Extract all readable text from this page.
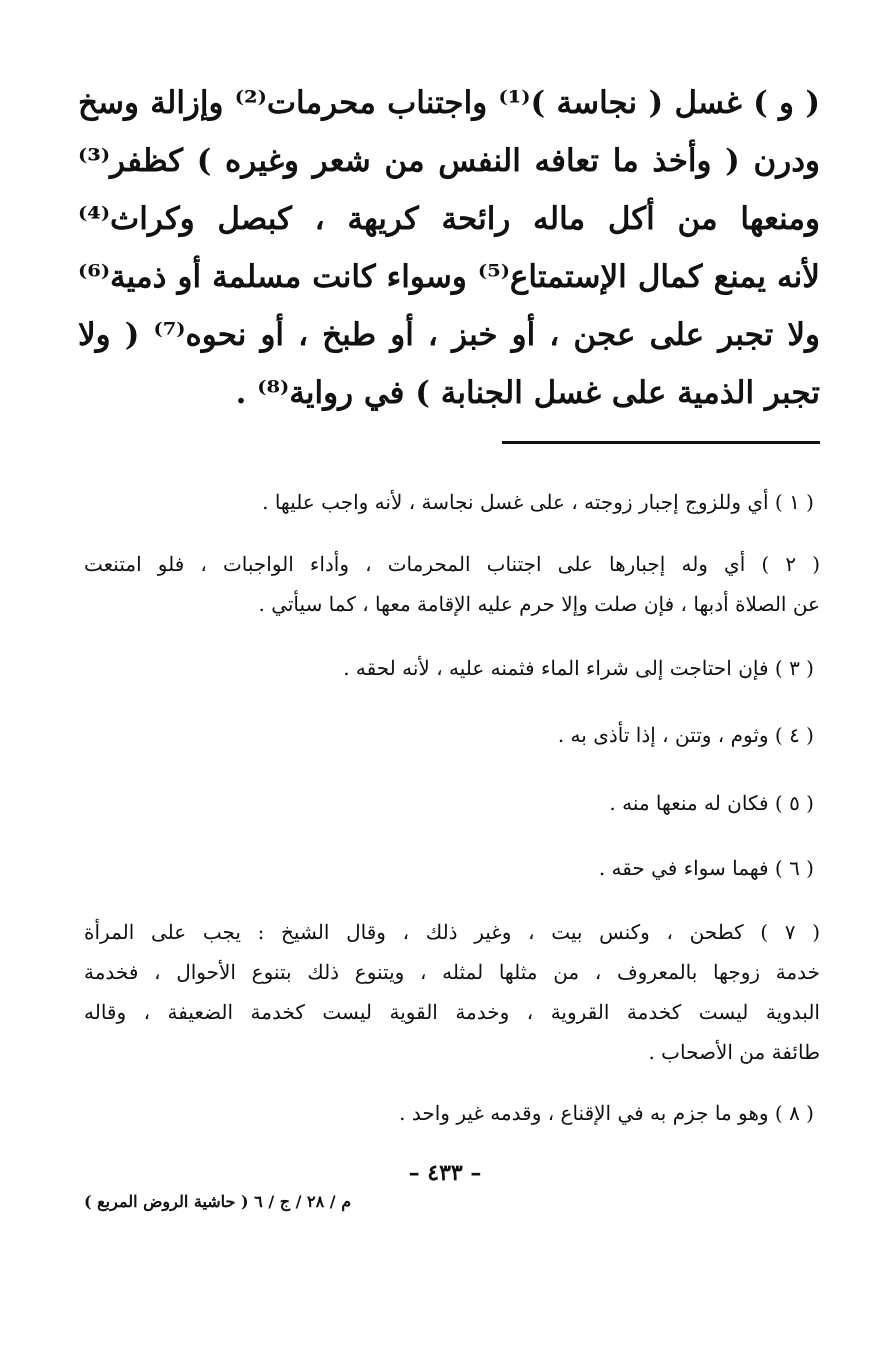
( و ) غسل ( نجاسة )⁽¹⁾ واجتناب محرمات⁽²⁾ وإزالة وسخ
ودرن ( وأخذ ما تعافه النفس من شعر وغيره ) كظفر⁽³⁾
ومنعها من أكل ماله رائحة كريهة ، كبصل وكراث⁽⁴⁾
لأنه يمنع كمال الإستمتاع⁽⁵⁾ وسواء كانت مسلمة أو ذمية⁽⁶⁾
ولا تجبر على عجن ، أو خبز ، أو طبخ ، أو نحوه⁽⁷⁾ ( ولا
تجبر الذمية على غسل الجنابة ) في رواية⁽⁸⁾ .
( ١ ) أي وللزوج إجبار زوجته ، على غسل نجاسة ، لأنه واجب عليها .
( ٢ ) أي وله إجبارها على اجتناب المحرمات ، وأداء الواجبات ، فلو امتنعت
عن الصلاة أدبها ، فإن صلت وإلا حرم عليه الإقامة معها ، كما سيأتي .
( ٣ ) فإن احتاجت إلى شراء الماء فثمنه عليه ، لأنه لحقه .
( ٤ ) وثوم ، وتتن ، إذا تأذى به .
( ٥ ) فكان له منعها منه .
( ٦ ) فهما سواء في حقه .
( ٧ ) كطحن ، وكنس بيت ، وغير ذلك ، وقال الشيخ : يجب على المرأة
خدمة زوجها بالمعروف ، من مثلها لمثله ، ويتنوع ذلك بتنوع الأحوال ، فخدمة
البدوية ليست كخدمة القروية ، وخدمة القوية ليست كخدمة الضعيفة ، وقاله
طائفة من الأصحاب .
( ٨ ) وهو ما جزم به في الإقناع ، وقدمه غير واحد .
– ٤٣٣ –
م / ٢٨ / ج / ٦ ( حاشية الروض المربع )
